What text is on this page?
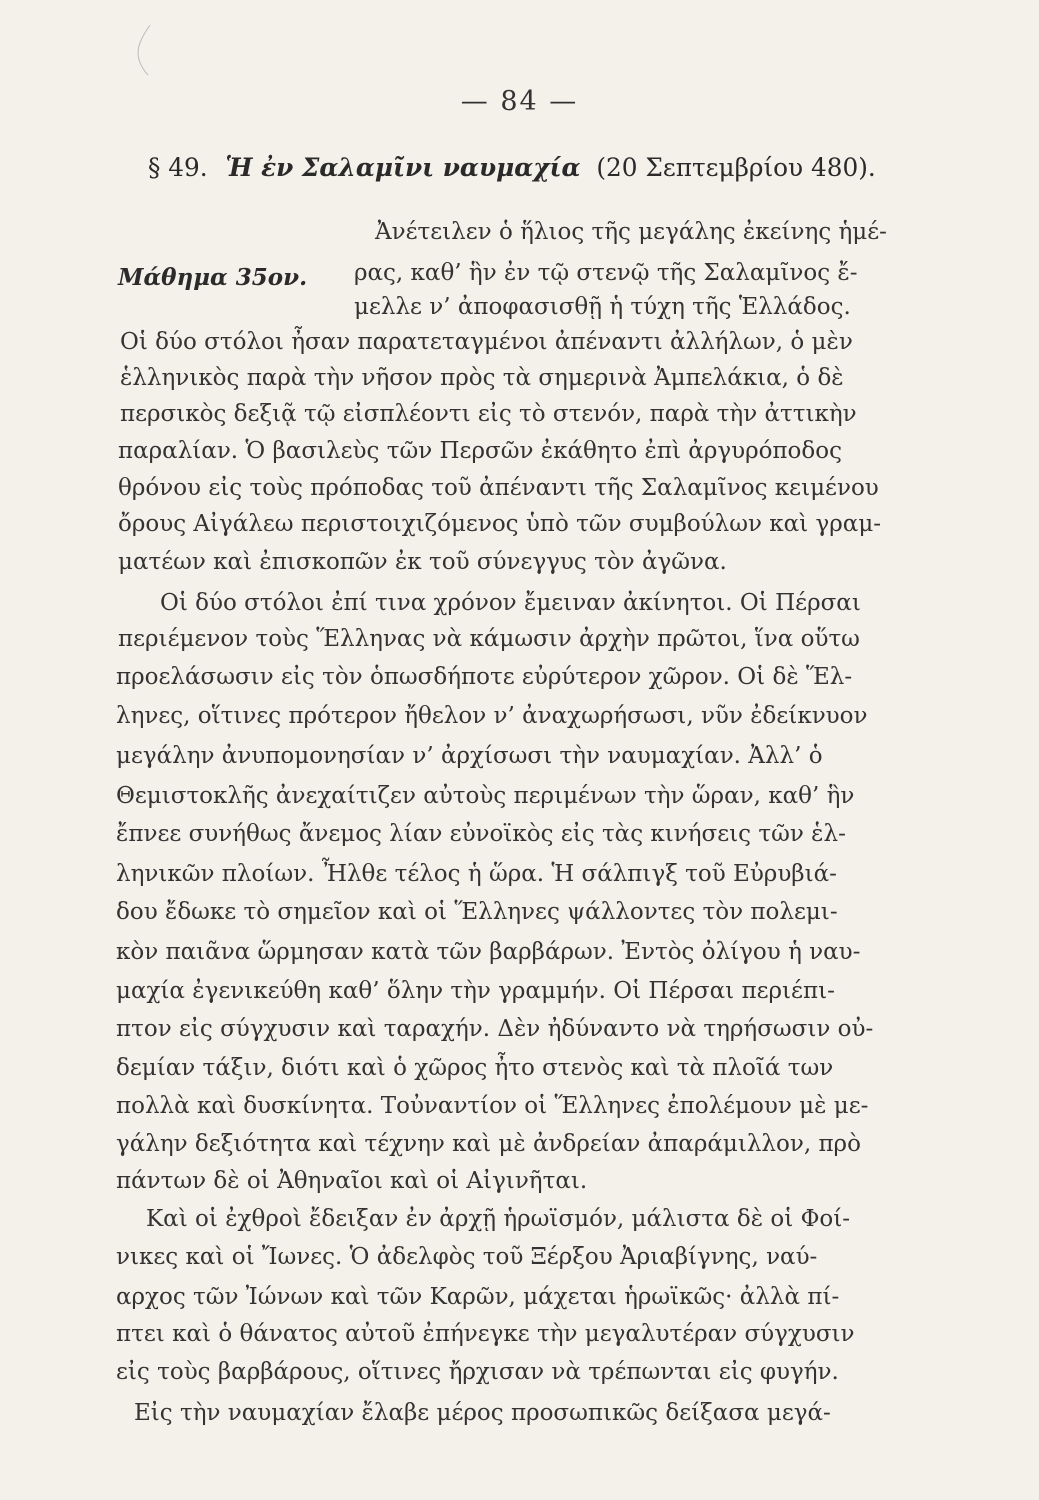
— 84 —
§ 49. Ἡ ἐν Σαλαμῖνι ναυμαχία (20 Σεπτεμβρίου 480).
Μάθημα 35ον.
Ἀνέτειλεν ὁ ἥλιος τῆς μεγάλης ἐκείνης ἡμέ-
ρας, καθ’ ἣν ἐν τῷ στενῷ τῆς Σαλαμῖνος ἔ-
μελλε ν’ ἀποφασισθῇ ἡ τύχη τῆς Ἑλλάδος.
Οἱ δύο στόλοι ἦσαν παρατεταγμένοι ἀπέναντι ἀλλήλων, ὁ μὲν
ἑλληνικὸς παρὰ τὴν νῆσον πρὸς τὰ σημερινὰ Ἀμπελάκια, ὁ δὲ
περσικὸς δεξιᾷ τῷ εἰσπλέοντι εἰς τὸ στενόν, παρὰ τὴν ἀττικὴν
παραλίαν. Ὁ βασιλεὺς τῶν Περσῶν ἐκάθητο ἐπὶ ἀργυρόποδος
θρόνου εἰς τοὺς πρόποδας τοῦ ἀπέναντι τῆς Σαλαμῖνος κειμένου
ὄρους Αἰγάλεω περιστοιχιζόμενος ὑπὸ τῶν συμβούλων καὶ γραμ-
ματέων καὶ ἐπισκοπῶν ἐκ τοῦ σύνεγγυς τὸν ἀγῶνα.
Οἱ δύο στόλοι ἐπί τινα χρόνον ἔμειναν ἀκίνητοι. Οἱ Πέρσαι
περιέμενον τοὺς Ἕλληνας νὰ κάμωσιν ἀρχὴν πρῶτοι, ἵνα οὕτω
προελάσωσιν εἰς τὸν ὁπωσδήποτε εὐρύτερον χῶρον. Οἱ δὲ Ἕλ-
ληνες, οἵτινες πρότερον ἤθελον ν’ ἀναχωρήσωσι, νῦν ἐδείκνυον
μεγάλην ἀνυπομονησίαν ν’ ἀρχίσωσι τὴν ναυμαχίαν. Ἀλλ’ ὁ
Θεμιστοκλῆς ἀνεχαίτιζεν αὐτοὺς περιμένων τὴν ὥραν, καθ’ ἣν
ἔπνεε συνήθως ἄνεμος λίαν εὐνοϊκὸς εἰς τὰς κινήσεις τῶν ἑλ-
ληνικῶν πλοίων. Ἦλθε τέλος ἡ ὥρα. Ἡ σάλπιγξ τοῦ Εὐρυβιά-
δου ἔδωκε τὸ σημεῖον καὶ οἱ Ἕλληνες ψάλλοντες τὸν πολεμι-
κὸν παιᾶνα ὥρμησαν κατὰ τῶν βαρβάρων. Ἐντὸς ὀλίγου ἡ ναυ-
μαχία ἐγενικεύθη καθ’ ὅλην τὴν γραμμήν. Οἱ Πέρσαι περιέπι-
πτον εἰς σύγχυσιν καὶ ταραχήν. Δὲν ἠδύναντο νὰ τηρήσωσιν οὐ-
δεμίαν τάξιν, διότι καὶ ὁ χῶρος ἦτο στενὸς καὶ τὰ πλοῖά των
πολλὰ καὶ δυσκίνητα. Τοὐναντίον οἱ Ἕλληνες ἐπολέμουν μὲ με-
γάλην δεξιότητα καὶ τέχνην καὶ μὲ ἀνδρείαν ἀπαράμιλλον, πρὸ
πάντων δὲ οἱ Ἀθηναῖοι καὶ οἱ Αἰγινῆται.
Καὶ οἱ ἐχθροὶ ἔδειξαν ἐν ἀρχῇ ἡρωϊσμόν, μάλιστα δὲ οἱ Φοί-
νικες καὶ οἱ Ἴωνες. Ὁ ἀδελφὸς τοῦ Ξέρξου Ἀριαβίγνης, ναύ-
αρχος τῶν Ἰώνων καὶ τῶν Καρῶν, μάχεται ἡρωϊκῶς· ἀλλὰ πί-
πτει καὶ ὁ θάνατος αὐτοῦ ἐπήνεγκε τὴν μεγαλυτέραν σύγχυσιν
εἰς τοὺς βαρβάρους, οἵτινες ἤρχισαν νὰ τρέπωνται εἰς φυγήν.
Εἰς τὴν ναυμαχίαν ἔλαβε μέρος προσωπικῶς δείξασα μεγά-
